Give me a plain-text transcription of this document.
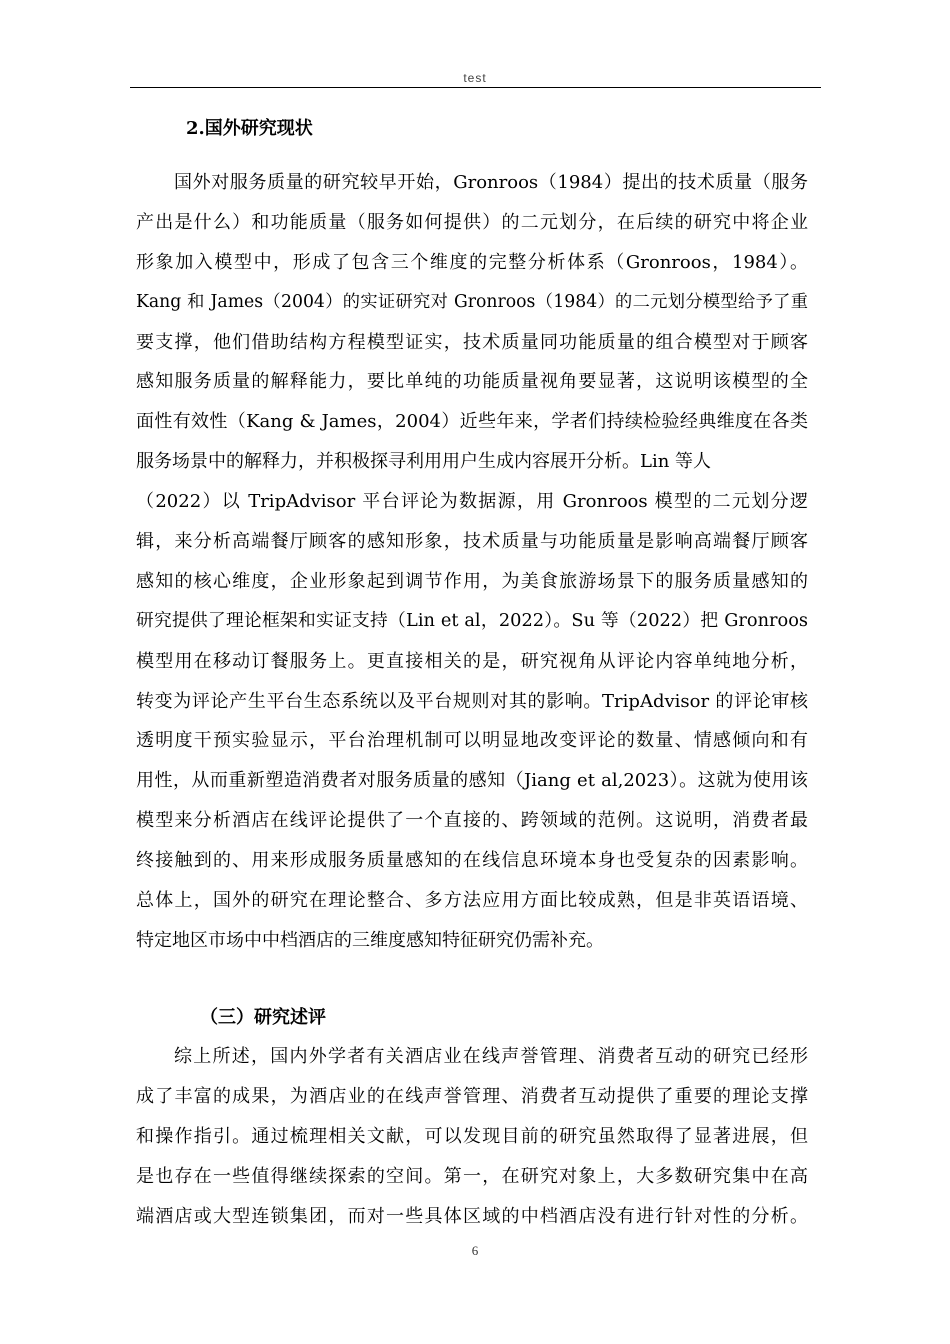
test
2.国外研究现状
国外对服务质量的研究较早开始，Gronroos（1984）提出的技术质量（服务
产出是什么）和功能质量（服务如何提供）的二元划分，在后续的研究中将企业
形象加入模型中，形成了包含三个维度的完整分析体系（Gronroos，1984）。
Kang 和 James（2004）的实证研究对 Gronroos（1984）的二元划分模型给予了重
要支撑，他们借助结构方程模型证实，技术质量同功能质量的组合模型对于顾客
感知服务质量的解释能力，要比单纯的功能质量视角要显著，这说明该模型的全
面性有效性（Kang & James，2004）近些年来，学者们持续检验经典维度在各类
服务场景中的解释力，并积极探寻利用用户生成内容展开分析。Lin 等人
（2022）以 TripAdvisor 平台评论为数据源，用 Gronroos 模型的二元划分逻
辑，来分析高端餐厅顾客的感知形象，技术质量与功能质量是影响高端餐厅顾客
感知的核心维度，企业形象起到调节作用，为美食旅游场景下的服务质量感知的
研究提供了理论框架和实证支持（Lin et al，2022）。Su 等（2022）把 Gronroos
模型用在移动订餐服务上。更直接相关的是，研究视角从评论内容单纯地分析，
转变为评论产生平台生态系统以及平台规则对其的影响。TripAdvisor 的评论审核
透明度干预实验显示，平台治理机制可以明显地改变评论的数量、情感倾向和有
用性，从而重新塑造消费者对服务质量的感知（Jiang et al,2023）。这就为使用该
模型来分析酒店在线评论提供了一个直接的、跨领域的范例。这说明，消费者最
终接触到的、用来形成服务质量感知的在线信息环境本身也受复杂的因素影响。
总体上，国外的研究在理论整合、多方法应用方面比较成熟，但是非英语语境、
特定地区市场中中档酒店的三维度感知特征研究仍需补充。
（三）研究述评
综上所述，国内外学者有关酒店业在线声誉管理、消费者互动的研究已经形
成了丰富的成果，为酒店业的在线声誉管理、消费者互动提供了重要的理论支撑
和操作指引。通过梳理相关文献，可以发现目前的研究虽然取得了显著进展，但
是也存在一些值得继续探索的空间。第一，在研究对象上，大多数研究集中在高
端酒店或大型连锁集团，而对一些具体区域的中档酒店没有进行针对性的分析。
6
